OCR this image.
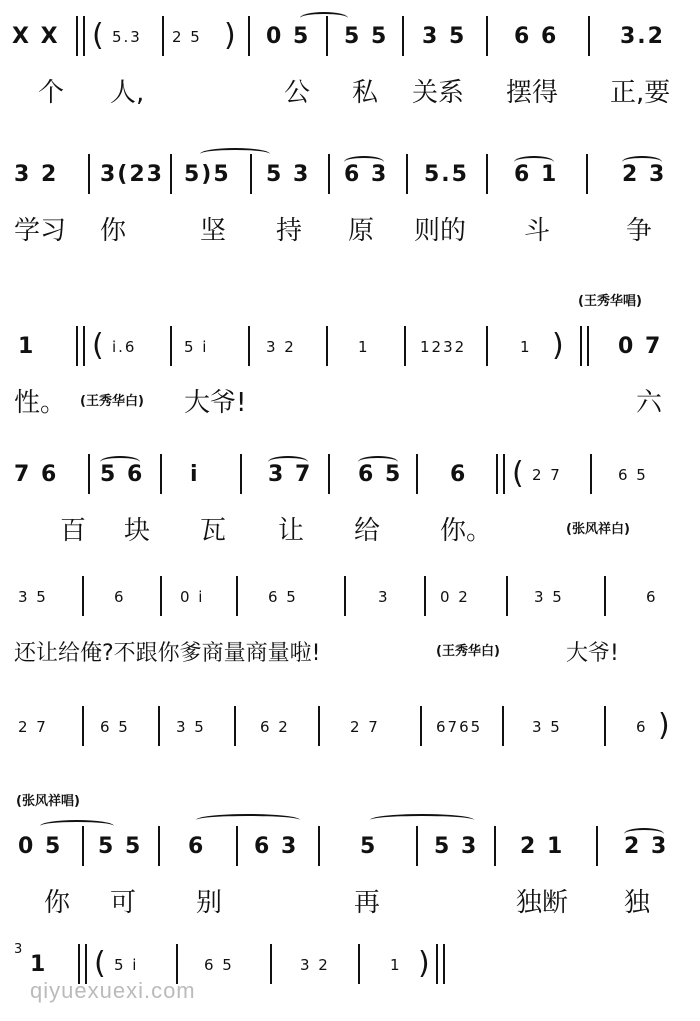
X X ( 5.3 2 5 ) 0 5 5 5 3 5 6 6	3.2
个 人,	公 私 关系 摆得 正,要
3 2 3(23 5)5 5 3 6 3 5.5 6 1	2 3
学习 你	坚 持 原 则的 斗	争
(王秀华唱)
1 ( i.6	5 i	3 2	1	1232	1 ) 0 7
性。 (王秀华白) 大爷!	六
7 6 5 6 i	3 7 6 5 6 ( 2 7	6 5
百 块 瓦 让 给 你。	(张风祥白)
3 5	6	0 i	6 5	3	0 2	3 5	6
还让给俺?不跟你爹商量商量啦!	(王秀华白)	大爷!
2 7	6 5	3 5	6 2	2 7	6765	3 5	6 )
(张风祥唱)
0 5 5 5 6 6 3	5	5 3 2 1	2 3
你 可 别	再	独断 独
3
1 ( 5 i	6 5	3 2	1 )
qiyuexuexi.com
